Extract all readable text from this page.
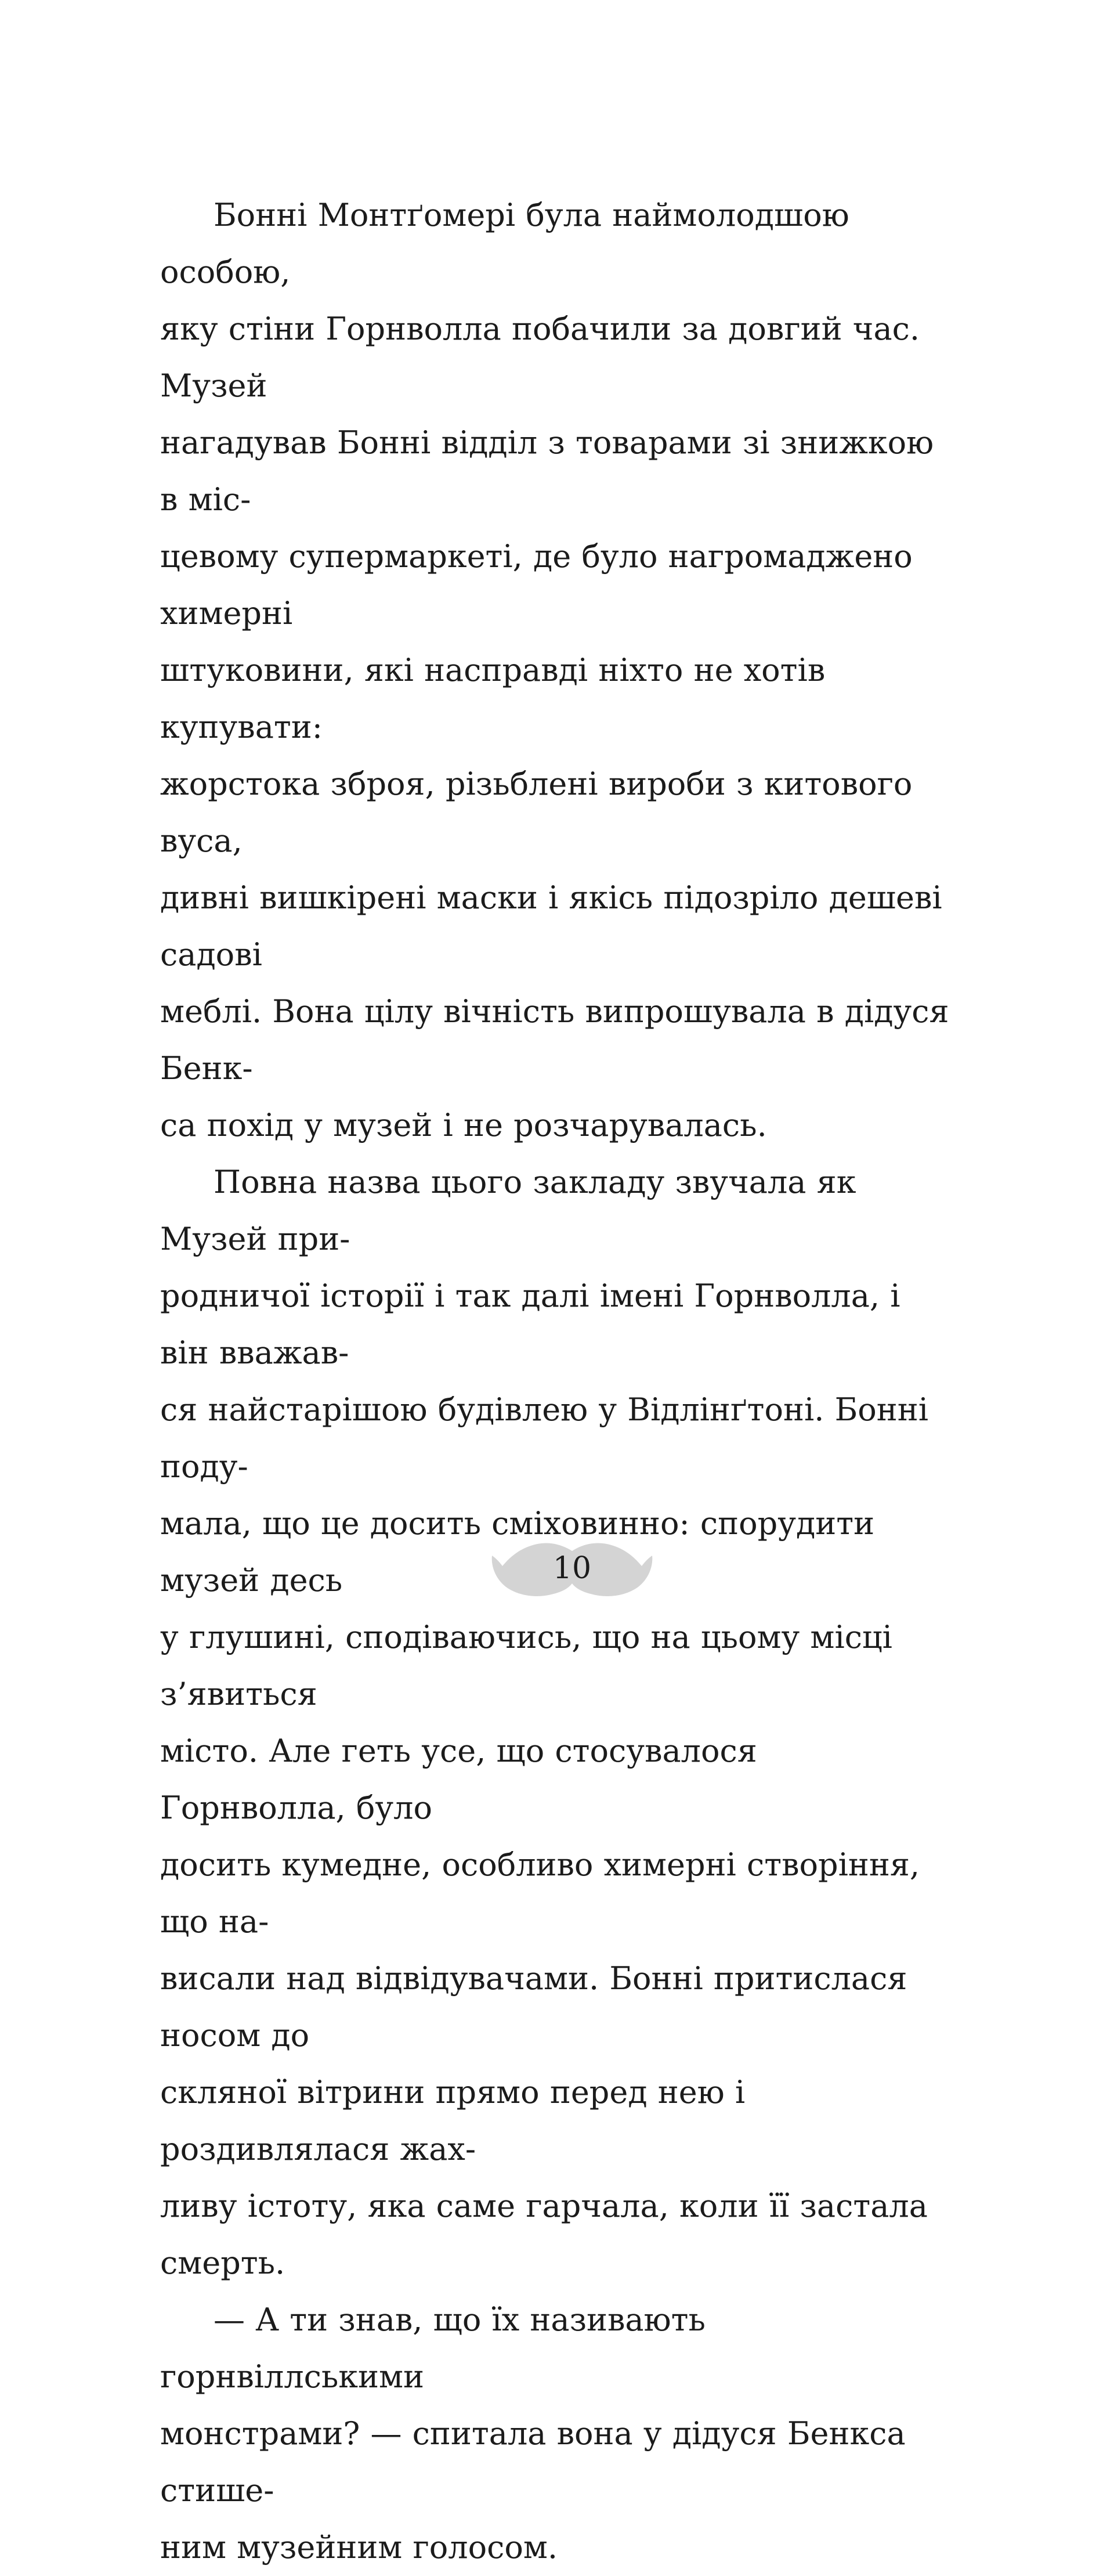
Бонні Монтґомері була наймолодшою особою,
яку стіни Горнволла побачили за довгий час. Музей
нагадував Бонні відділ з товарами зі знижкою в міс-
цевому супермаркеті, де було нагромаджено химерні
штуковини, які насправді ніхто не хотів купувати:
жорстока зброя, різьблені вироби з китового вуса,
дивні вишкірені маски і якісь підозріло дешеві садові
меблі. Вона цілу вічність випрошувала в дідуся Бенк-
са похід у музей і не розчарувалась.

Повна назва цього закладу звучала як Музей при-
родничої історії і так далі імені Горнволла, і він вважав-
ся найстарішою будівлею у Відлінґтоні. Бонні поду-
мала, що це досить сміховинно: спорудити музей десь
у глушині, сподіваючись, що на цьому місці з’явиться
місто. Але геть усе, що стосувалося Горнволла, було
досить кумедне, особливо химерні створіння, що на-
висали над відвідувачами. Бонні притислася носом до
скляної вітрини прямо перед нею і роздивлялася жах-
ливу істоту, яка саме гарчала, коли її застала смерть.

— А ти знав, що їх називають горнвіллськими
монстрами? — спитала вона у дідуся Бенкса стише-
ним музейним голосом.

10
